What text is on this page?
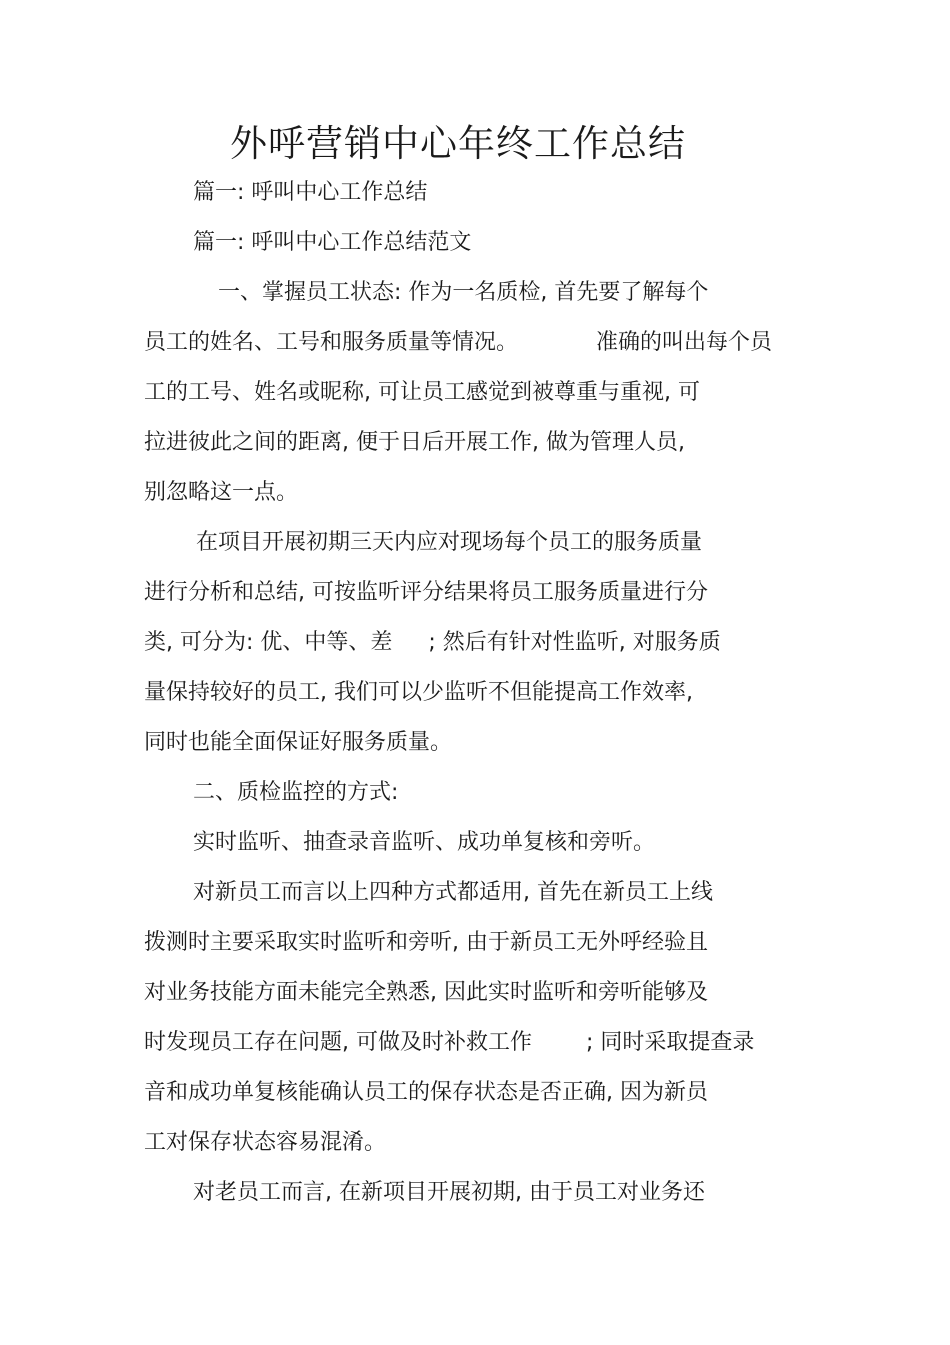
外呼营销中心年终工作总结
篇一: 呼叫中心工作总结
篇一: 呼叫中心工作总结范文
一、掌握员工状态: 作为一名质检, 首先要了解每个
员工的姓名、工号和服务质量等情况。	准确的叫出每个员
工的工号、姓名或昵称, 可让员工感觉到被尊重与重视, 可
拉进彼此之间的距离, 便于日后开展工作, 做为管理人员,
别忽略这一点。
在项目开展初期三天内应对现场每个员工的服务质量
进行分析和总结, 可按监听评分结果将员工服务质量进行分
类, 可分为: 优、中等、差 ; 然后有针对性监听, 对服务质
量保持较好的员工, 我们可以少监听不但能提高工作效率,
同时也能全面保证好服务质量。
二、质检监控的方式:
实时监听、抽查录音监听、成功单复核和旁听。
对新员工而言以上四种方式都适用, 首先在新员工上线
拨测时主要采取实时监听和旁听, 由于新员工无外呼经验且
对业务技能方面未能完全熟悉, 因此实时监听和旁听能够及
时发现员工存在问题, 可做及时补救工作 ; 同时采取提查录
音和成功单复核能确认员工的保存状态是否正确, 因为新员
工对保存状态容易混淆。
对老员工而言, 在新项目开展初期, 由于员工对业务还
